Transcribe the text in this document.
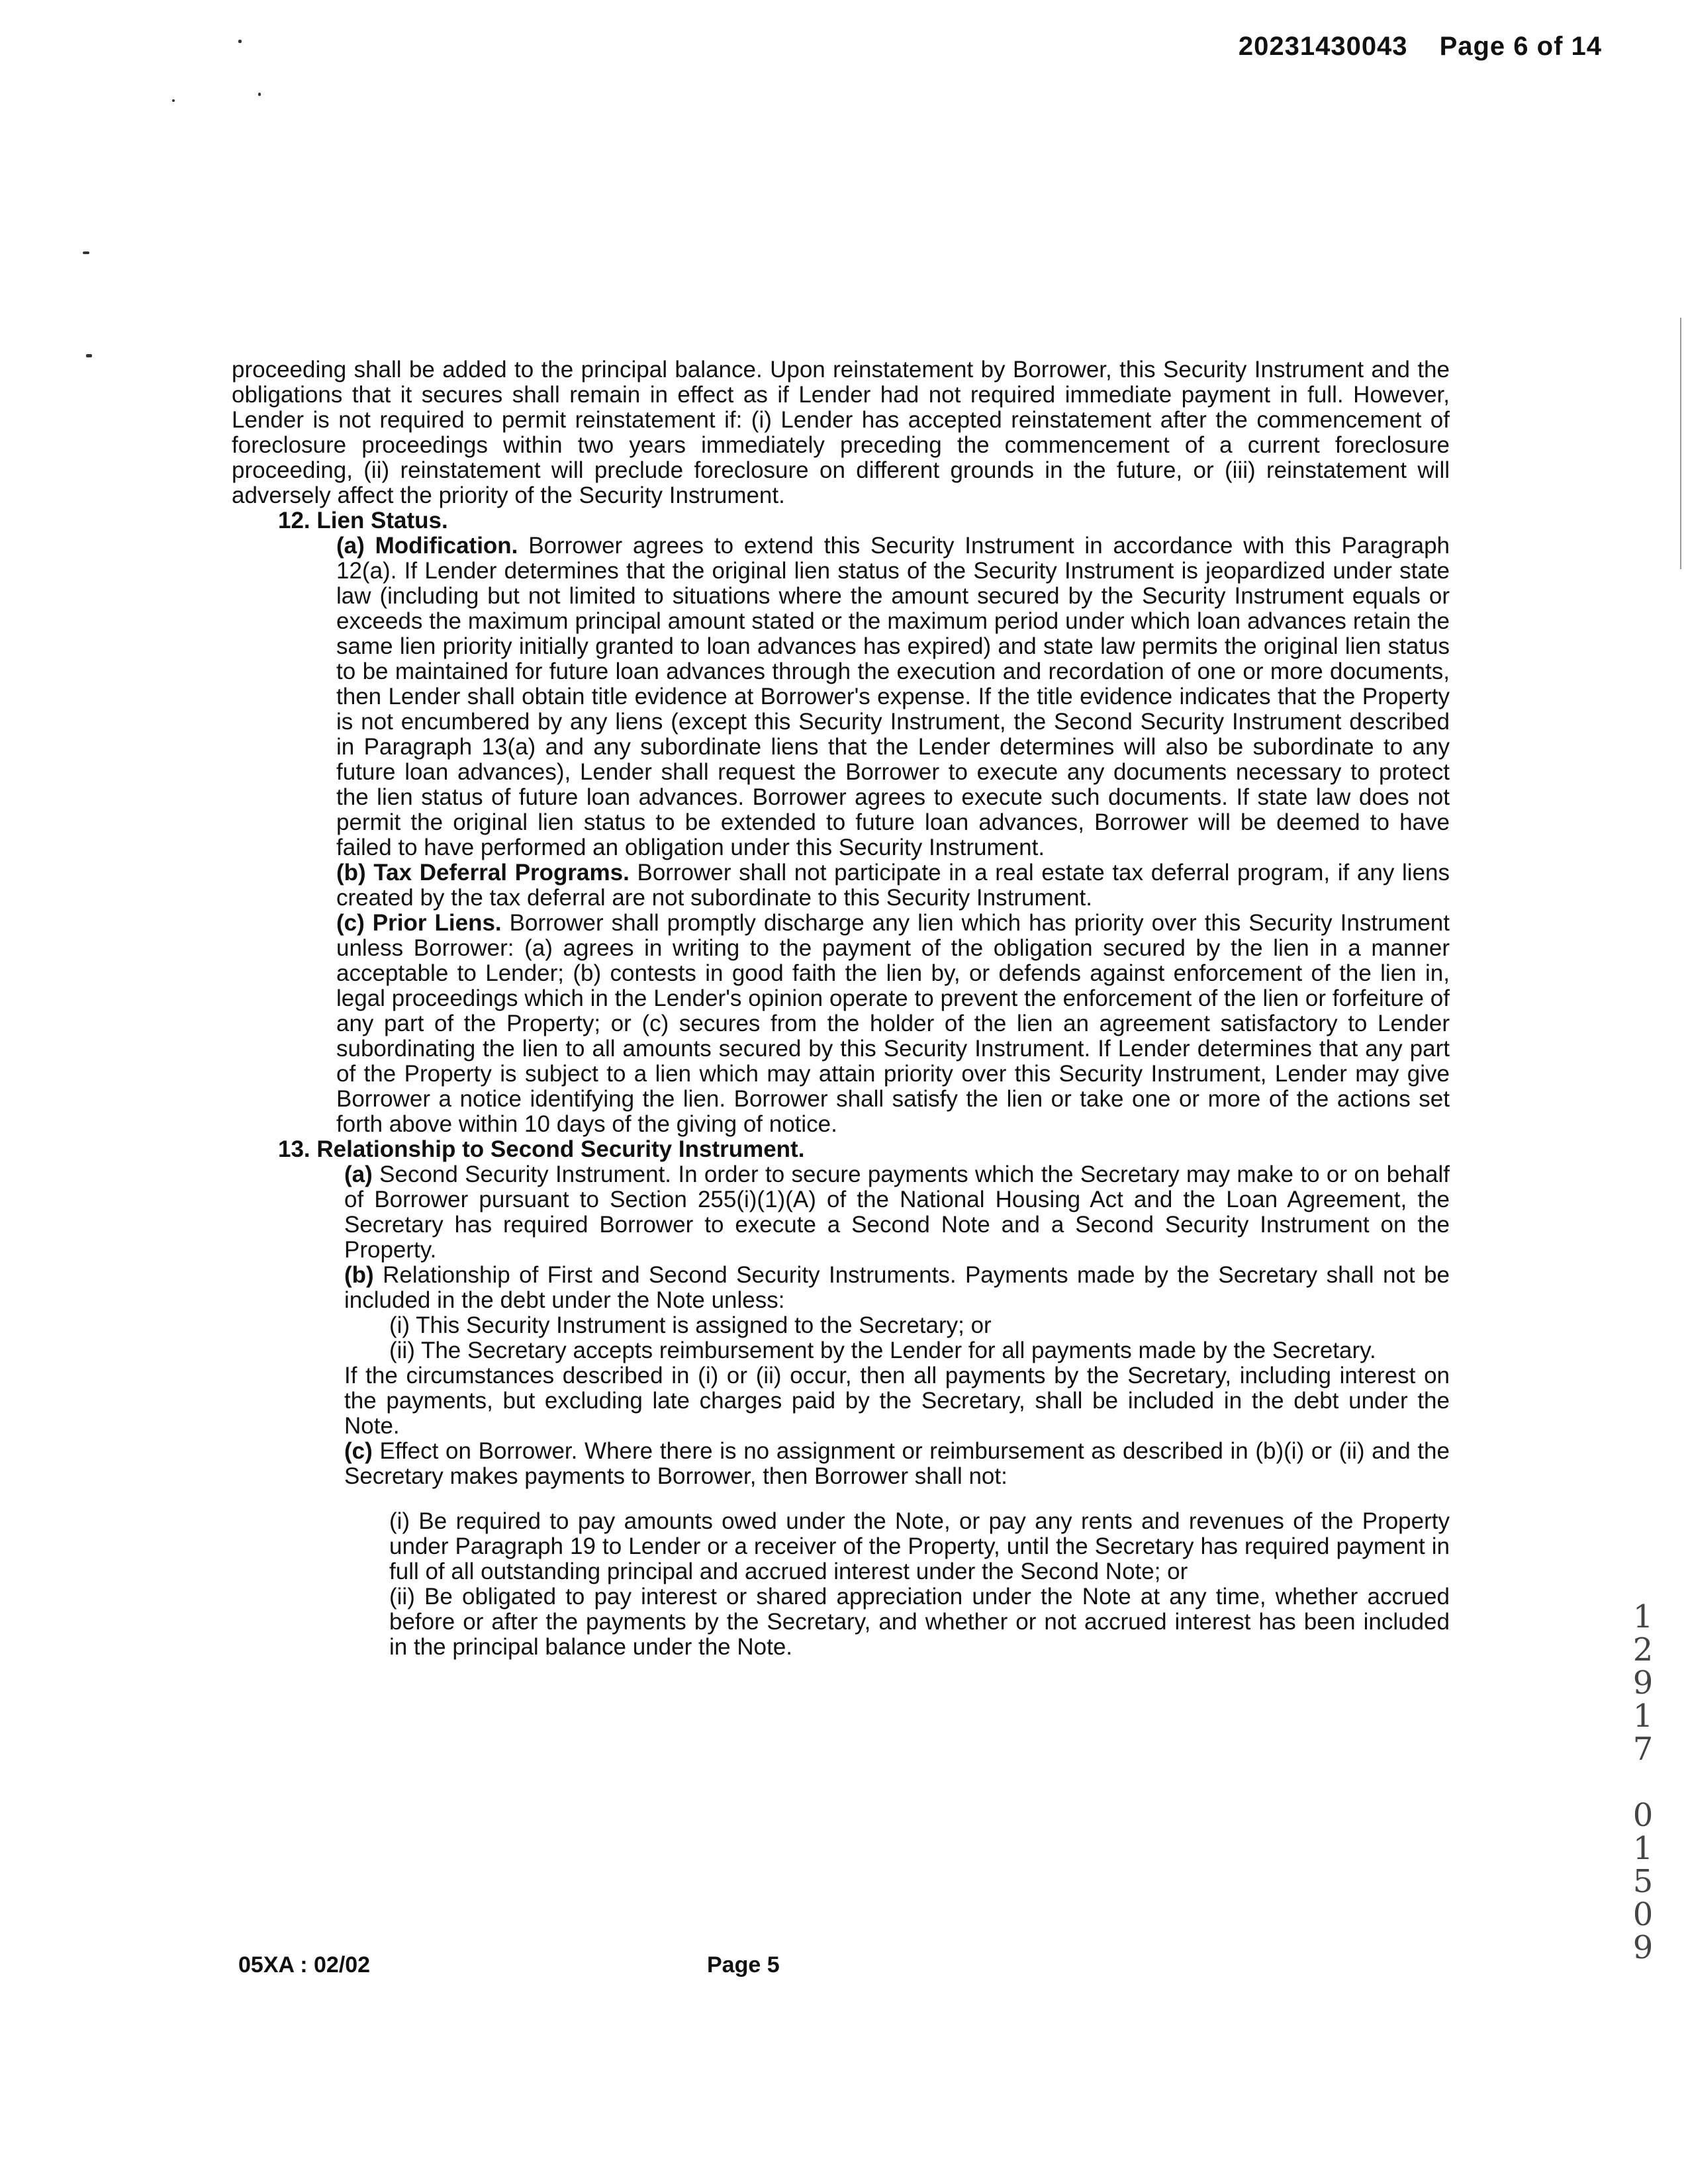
20231430043 Page 6 of 14

proceeding shall be added to the principal balance. Upon reinstatement by Borrower, this Security Instrument and the obligations that it secures shall remain in effect as if Lender had not required immediate payment in full. However, Lender is not required to permit reinstatement if: (i) Lender has accepted reinstatement after the commencement of foreclosure proceedings within two years immediately preceding the commencement of a current foreclosure proceeding, (ii) reinstatement will preclude foreclosure on different grounds in the future, or (iii) reinstatement will adversely affect the priority of the Security Instrument.

12. Lien Status.

(a) Modification. Borrower agrees to extend this Security Instrument in accordance with this Paragraph 12(a). If Lender determines that the original lien status of the Security Instrument is jeopardized under state law (including but not limited to situations where the amount secured by the Security Instrument equals or exceeds the maximum principal amount stated or the maximum period under which loan advances retain the same lien priority initially granted to loan advances has expired) and state law permits the original lien status to be maintained for future loan advances through the execution and recordation of one or more documents, then Lender shall obtain title evidence at Borrower's expense. If the title evidence indicates that the Property is not encumbered by any liens (except this Security Instrument, the Second Security Instrument described in Paragraph 13(a) and any subordinate liens that the Lender determines will also be subordinate to any future loan advances), Lender shall request the Borrower to execute any documents necessary to protect the lien status of future loan advances. Borrower agrees to execute such documents. If state law does not permit the original lien status to be extended to future loan advances, Borrower will be deemed to have failed to have performed an obligation under this Security Instrument.

(b) Tax Deferral Programs. Borrower shall not participate in a real estate tax deferral program, if any liens created by the tax deferral are not subordinate to this Security Instrument.

(c) Prior Liens. Borrower shall promptly discharge any lien which has priority over this Security Instrument unless Borrower: (a) agrees in writing to the payment of the obligation secured by the lien in a manner acceptable to Lender; (b) contests in good faith the lien by, or defends against enforcement of the lien in, legal proceedings which in the Lender's opinion operate to prevent the enforcement of the lien or forfeiture of any part of the Property; or (c) secures from the holder of the lien an agreement satisfactory to Lender subordinating the lien to all amounts secured by this Security Instrument. If Lender determines that any part of the Property is subject to a lien which may attain priority over this Security Instrument, Lender may give Borrower a notice identifying the lien. Borrower shall satisfy the lien or take one or more of the actions set forth above within 10 days of the giving of notice.

13. Relationship to Second Security Instrument.

(a) Second Security Instrument. In order to secure payments which the Secretary may make to or on behalf of Borrower pursuant to Section 255(i)(1)(A) of the National Housing Act and the Loan Agreement, the Secretary has required Borrower to execute a Second Note and a Second Security Instrument on the Property.

(b) Relationship of First and Second Security Instruments. Payments made by the Secretary shall not be included in the debt under the Note unless:

(i) This Security Instrument is assigned to the Secretary; or

(ii) The Secretary accepts reimbursement by the Lender for all payments made by the Secretary.

If the circumstances described in (i) or (ii) occur, then all payments by the Secretary, including interest on the payments, but excluding late charges paid by the Secretary, shall be included in the debt under the Note.

(c) Effect on Borrower. Where there is no assignment or reimbursement as described in (b)(i) or (ii) and the Secretary makes payments to Borrower, then Borrower shall not:

(i) Be required to pay amounts owed under the Note, or pay any rents and revenues of the Property under Paragraph 19 to Lender or a receiver of the Property, until the Secretary has required payment in full of all outstanding principal and accrued interest under the Second Note; or

(ii) Be obligated to pay interest or shared appreciation under the Note at any time, whether accrued before or after the payments by the Secretary, and whether or not accrued interest has been included in the principal balance under the Note.

1
2
9
1
7
0
1
5
0
9
05XA : 02/02	Page 5
